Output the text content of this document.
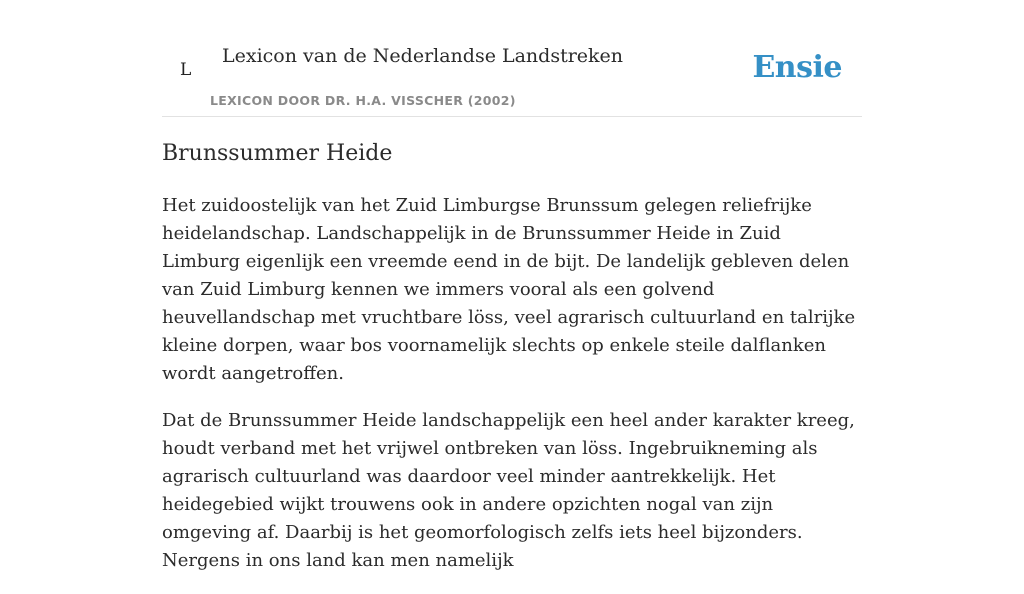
L
Lexicon van de Nederlandse Landstreken
LEXICON DOOR DR. H.A. VISSCHER (2002)
Ensie
Brunssummer Heide

Het zuidoostelijk van het Zuid Limburgse Brunssum gelegen reliefrijke heidelandschap. Landschappelijk in de Brunssummer Heide in Zuid Limburg eigenlijk een vreemde eend in de bijt. De landelijk gebleven delen van Zuid Limburg kennen we immers vooral als een golvend heuvellandschap met vruchtbare löss, veel agrarisch cultuurland en talrijke kleine dorpen, waar bos voornamelijk slechts op enkele steile dalflanken wordt aangetroffen.

Dat de Brunssummer Heide landschappelijk een heel ander karakter kreeg, houdt verband met het vrijwel ontbreken van löss. Ingebruikneming als agrarisch cultuurland was daardoor veel minder aantrekkelijk. Het heidegebied wijkt trouwens ook in andere opzichten nogal van zijn omgeving af. Daarbij is het geomorfologisch zelfs iets heel bijzonders. Nergens in ons land kan men namelijk
